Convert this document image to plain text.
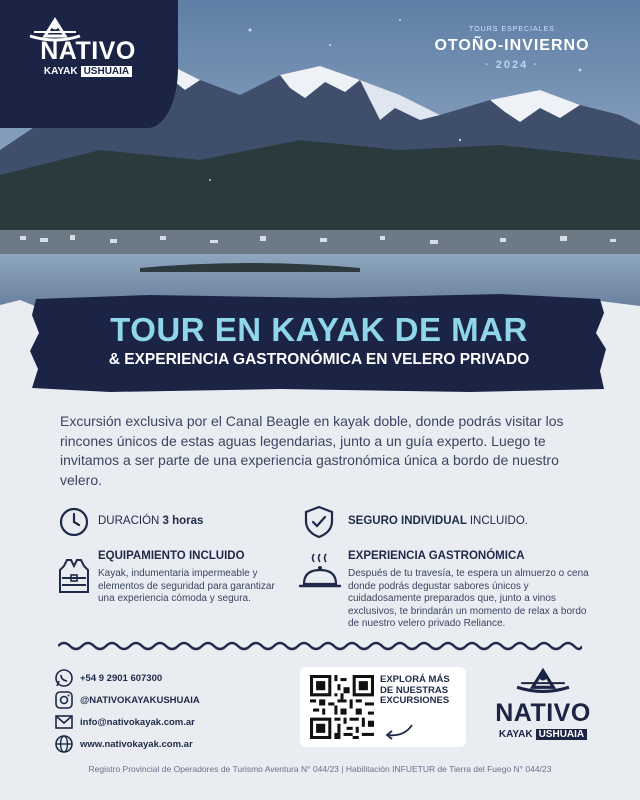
NATIVO
KAYAK USHUAIA
TOURS ESPECIALES
OTOÑO-INVIERNO
· 2024 ·
TOUR EN KAYAK DE MAR
& EXPERIENCIA GASTRONÓMICA EN VELERO PRIVADO

Excursión exclusiva por el Canal Beagle en kayak doble, donde podrás visitar los rincones únicos de estas aguas legendarias, junto a un guía experto. Luego te invitamos a ser parte de una experiencia gastronómica única a bordo de nuestro velero.

DURACIÓN 3 horas	SEGURO INDIVIDUAL INCLUIDO.
EQUIPAMIENTO INCLUIDO
Kayak, indumentaria impermeable y elementos de seguridad para garantizar una experiencia cómoda y segura.
EXPERIENCIA GASTRONÓMICA
Después de tu travesía, te espera un almuerzo o cena donde podrás degustar sabores únicos y cuidadosamente preparados que, junto a vinos exclusivos, te brindarán un momento de relax a bordo de nuestro velero privado Reliance.
+54 9 2901 607300
@NATIVOKAYAKUSHUAIA
info@nativokayak.com.ar
www.nativokayak.com.ar
EXPLORÁ MÁS DE NUESTRAS EXCURSIONES	NATIVO
KAYAK USHUAIA
Registro Provincial de Operadores de Turismo Aventura N° 044/23 | Habilitación INFUETUR de Tierra del Fuego N° 044/23
